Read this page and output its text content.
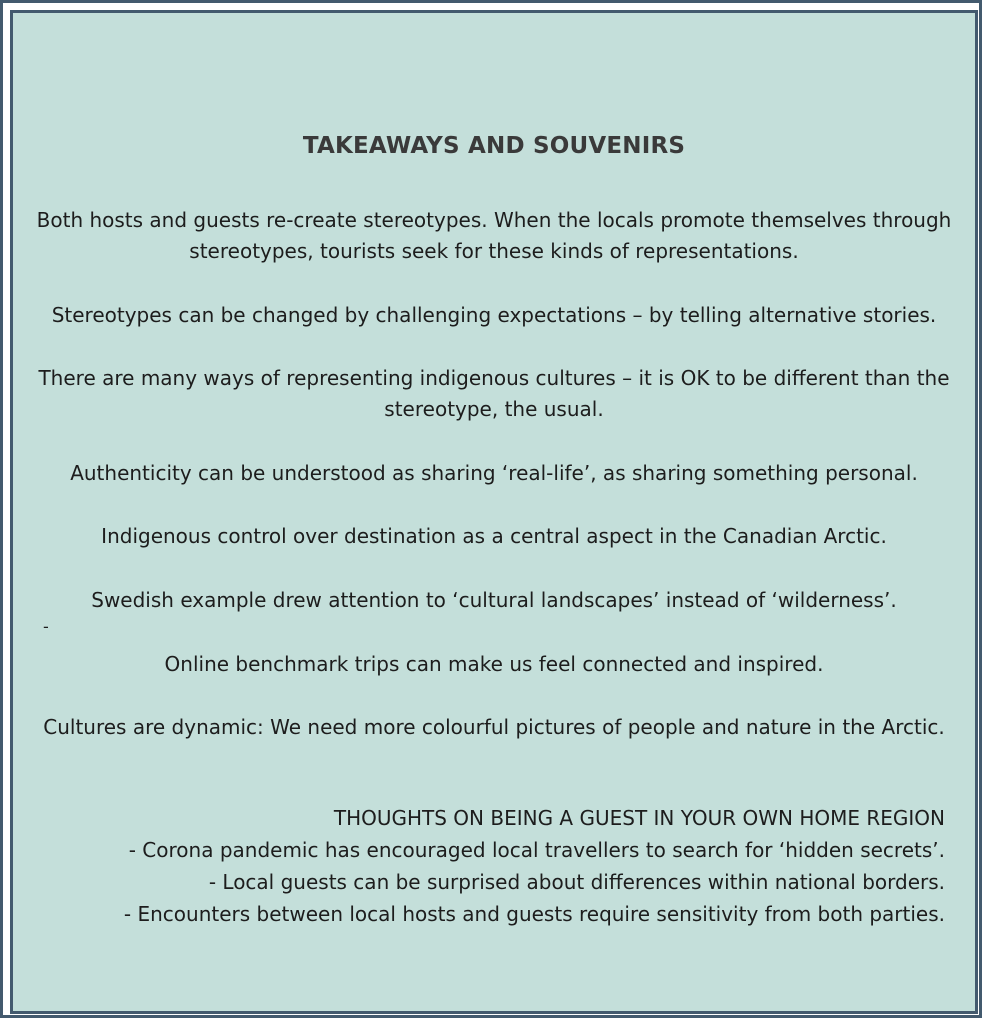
TAKEAWAYS AND SOUVENIRS
Both hosts and guests re-create stereotypes. When the locals promote themselves through stereotypes, tourists seek for these kinds of representations.
Stereotypes can be changed by challenging expectations – by telling alternative stories.
There are many ways of representing indigenous cultures – it is OK to be different than the stereotype, the usual.
Authenticity can be understood as sharing ‘real-life’, as sharing something personal.
Indigenous control over destination as a central aspect in the Canadian Arctic.
Swedish example drew attention to ‘cultural landscapes’ instead of ‘wilderness’.
-
Online benchmark trips can make us feel connected and inspired.
Cultures are dynamic: We need more colourful pictures of people and nature in the Arctic.
THOUGHTS ON BEING A GUEST IN YOUR OWN HOME REGION
- Corona pandemic has encouraged local travellers to search for ‘hidden secrets’.
- Local guests can be surprised about differences within national borders.
- Encounters between local hosts and guests require sensitivity from both parties.
